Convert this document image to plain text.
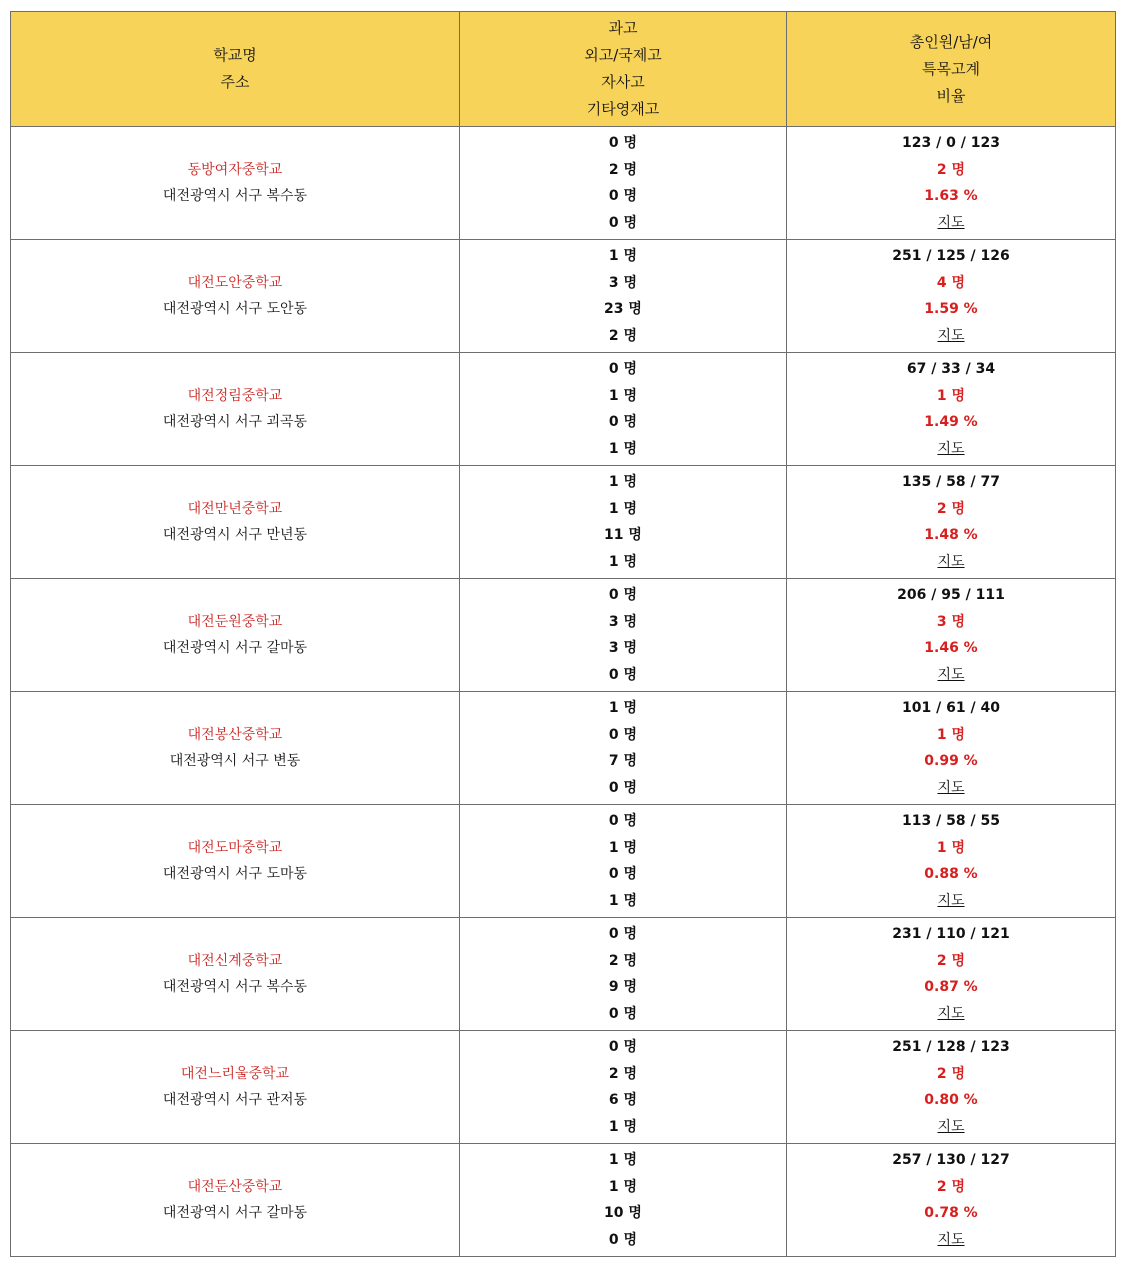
학교명
주소	과고
외고/국제고
자사고
기타영재고	총인원/남/여
특목고계
비율

동방여자중학교
대전광역시 서구 복수동	0 명
2 명
0 명
0 명	123 / 0 / 123
2 명
1.63 %
지도

대전도안중학교
대전광역시 서구 도안동	1 명
3 명
23 명
2 명	251 / 125 / 126
4 명
1.59 %
지도

대전정림중학교
대전광역시 서구 괴곡동	0 명
1 명
0 명
1 명	67 / 33 / 34
1 명
1.49 %
지도

대전만년중학교
대전광역시 서구 만년동	1 명
1 명
11 명
1 명	135 / 58 / 77
2 명
1.48 %
지도

대전둔원중학교
대전광역시 서구 갈마동	0 명
3 명
3 명
0 명	206 / 95 / 111
3 명
1.46 %
지도

대전봉산중학교
대전광역시 서구 변동	1 명
0 명
7 명
0 명	101 / 61 / 40
1 명
0.99 %
지도

대전도마중학교
대전광역시 서구 도마동	0 명
1 명
0 명
1 명	113 / 58 / 55
1 명
0.88 %
지도

대전신계중학교
대전광역시 서구 복수동	0 명
2 명
9 명
0 명	231 / 110 / 121
2 명
0.87 %
지도

대전느리울중학교
대전광역시 서구 관저동	0 명
2 명
6 명
1 명	251 / 128 / 123
2 명
0.80 %
지도

대전둔산중학교
대전광역시 서구 갈마동	1 명
1 명
10 명
0 명	257 / 130 / 127
2 명
0.78 %
지도
